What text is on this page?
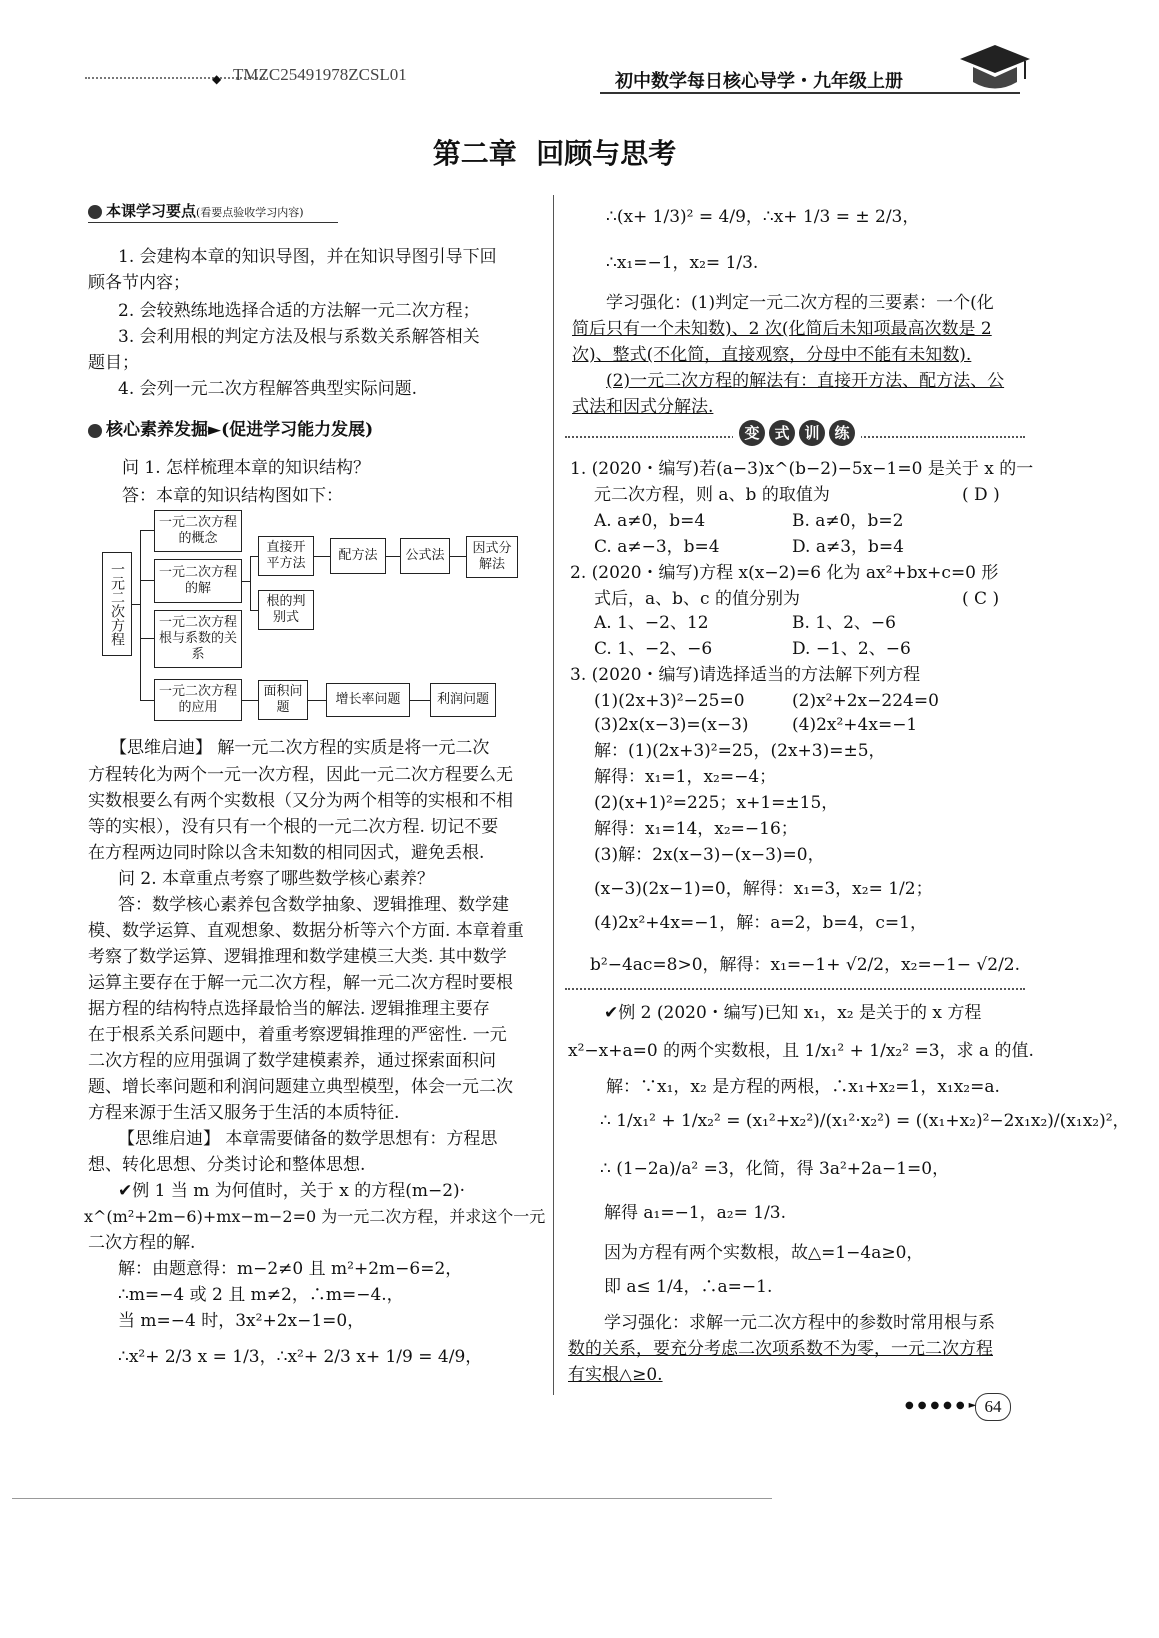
◆ TMZC25491978ZCSL01	初中数学每日核心导学・九年级上册
第二章  回顾与思考
本课学习要点(看要点验收学习内容)
1. 会建构本章的知识导图，并在知识导图引导下回
顾各节内容；
2. 会较熟练地选择合适的方法解一元二次方程；
3. 会利用根的判定方法及根与系数关系解答相关
题目；
4. 会列一元二次方程解答典型实际问题.
核心素养发掘►(促进学习能力发展)
问 1. 怎样梳理本章的知识结构？
答：本章的知识结构图如下：
一元二次方程
一元二次方程的概念
一元二次方程的解
一元二次方程根与系数的关系
一元二次方程的应用
直接开平方法
配方法	公式法	因式分解法
根的判别式
面积问题
增长率问题	利润问题
【思维启迪】 解一元二次方程的实质是将一元二次
方程转化为两个一元一次方程，因此一元二次方程要么无
实数根要么有两个实数根（又分为两个相等的实根和不相
等的实根），没有只有一个根的一元二次方程. 切记不要
在方程两边同时除以含未知数的相同因式，避免丢根.
问 2. 本章重点考察了哪些数学核心素养？
答：数学核心素养包含数学抽象、逻辑推理、数学建
模、数学运算、直观想象、数据分析等六个方面. 本章着重
考察了数学运算、逻辑推理和数学建模三大类. 其中数学
运算主要存在于解一元二次方程，解一元二次方程时要根
据方程的结构特点选择最恰当的解法. 逻辑推理主要存
在于根系关系问题中，着重考察逻辑推理的严密性. 一元
二次方程的应用强调了数学建模素养，通过探索面积问
题、增长率问题和利润问题建立典型模型，体会一元二次
方程来源于生活又服务于生活的本质特征.
【思维启迪】 本章需要储备的数学思想有：方程思
想、转化思想、分类讨论和整体思想.
✔例 1 当 m 为何值时，关于 x 的方程(m−2)·
x^(m²+2m−6)+mx−m−2=0 为一元二次方程，并求这个一元
二次方程的解.
解：由题意得：m−2≠0 且 m²+2m−6=2，
∴m=−4 或 2 且 m≠2，∴m=−4.，
当 m=−4 时，3x²+2x−1=0，
∴x²+ 2/3 x = 1/3，∴x²+ 2/3 x+ 1/9 = 4/9，
∴(x+ 1/3)² = 4/9，∴x+ 1/3 = ± 2/3，
∴x₁=−1，x₂= 1/3.
学习强化：(1)判定一元二次方程的三要素：一个(化
简后只有一个未知数)、2 次(化简后未知项最高次数是 2
次)、整式(不化简，直接观察，分母中不能有未知数).
(2)一元二次方程的解法有：直接开方法、配方法、公
式法和因式分解法.
变 式 训 练
1. (2020・编写)若(a−3)x^(b−2)−5x−1=0 是关于 x 的一
元二次方程，则 a、b 的取值为	( D )
A. a≠0，b=4	B. a≠0，b=2
C. a≠−3，b=4	D. a≠3，b=4
2. (2020・编写)方程 x(x−2)=6 化为 ax²+bx+c=0 形
式后，a、b、c 的值分别为	( C )
A. 1、−2、12	B. 1、2、−6
C. 1、−2、−6	D. −1、2、−6
3. (2020・编写)请选择适当的方法解下列方程
(1)(2x+3)²−25=0	(2)x²+2x−224=0
(3)2x(x−3)=(x−3)	(4)2x²+4x=−1
解：(1)(2x+3)²=25，(2x+3)=±5，
解得：x₁=1，x₂=−4；
(2)(x+1)²=225；x+1=±15，
解得：x₁=14，x₂=−16；
(3)解：2x(x−3)−(x−3)=0，
(x−3)(2x−1)=0，解得：x₁=3，x₂= 1/2；
(4)2x²+4x=−1，解：a=2，b=4，c=1，
b²−4ac=8>0，解得：x₁=−1+ √2/2，x₂=−1− √2/2.
✔例 2 (2020・编写)已知 x₁，x₂ 是关于的 x 方程
x²−x+a=0 的两个实数根，且 1/x₁² + 1/x₂² =3，求 a 的值.
解：∵x₁，x₂ 是方程的两根，∴x₁+x₂=1，x₁x₂=a.
∴ 1/x₁² + 1/x₂² = (x₁²+x₂²)/(x₁²·x₂²) = ((x₁+x₂)²−2x₁x₂)/(x₁x₂)²，
∴ (1−2a)/a² =3，化简，得 3a²+2a−1=0，
解得 a₁=−1，a₂= 1/3.
因为方程有两个实数根，故△=1−4a≥0，
即 a≤ 1/4，∴a=−1.
学习强化：求解一元二次方程中的参数时常用根与系
数的关系，要充分考虑二次项系数不为零，一元二次方程
有实根△≥0.
●●●●●► 64
